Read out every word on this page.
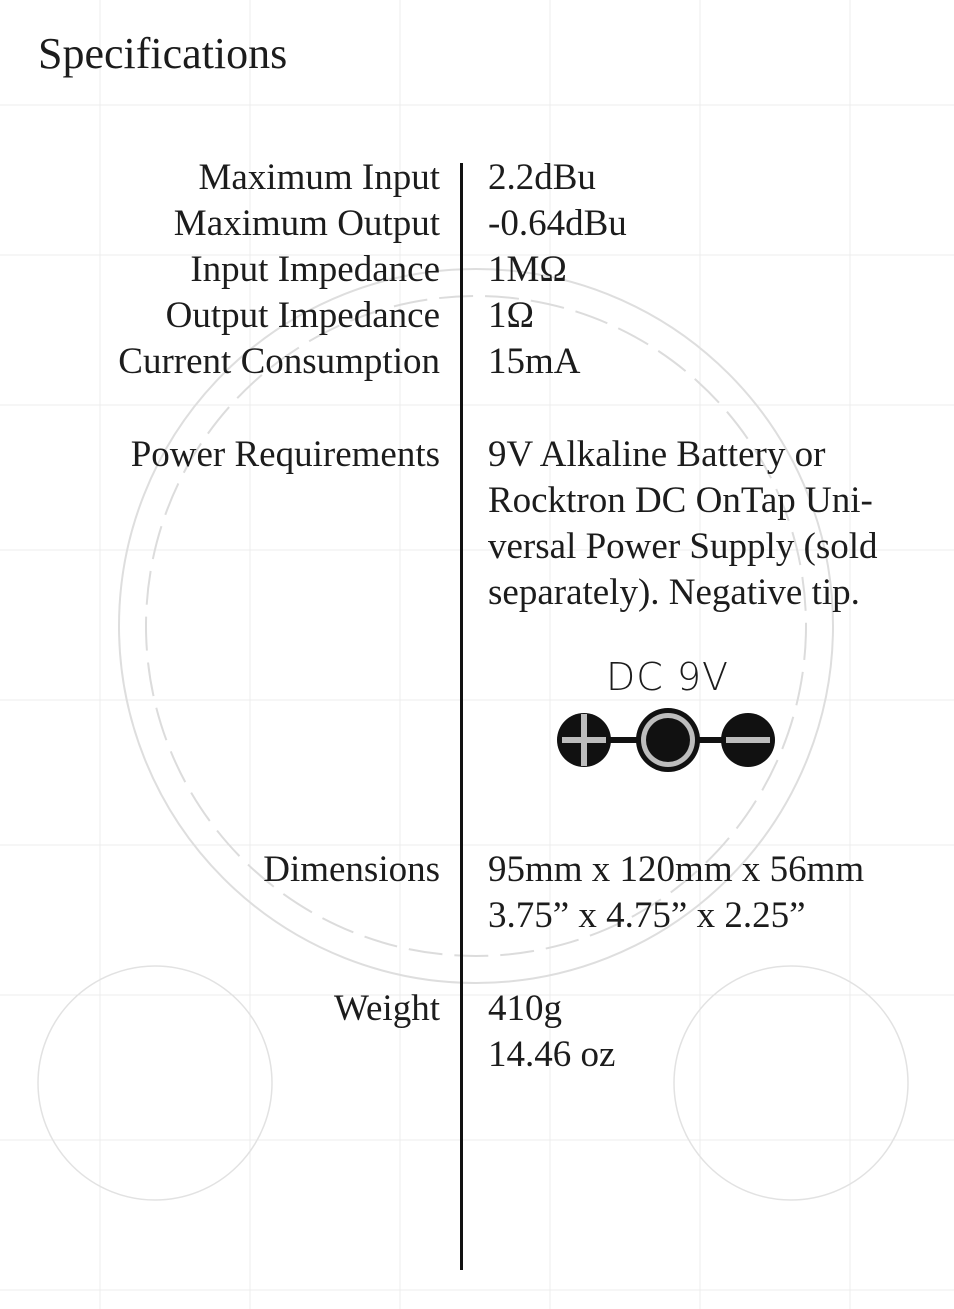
Specifications
Maximum Input 2.2dBu
Maximum Output -0.64dBu
Input Impedance 1MΩ
Output Impedance 1Ω
Current Consumption 15mA
Power Requirements 9V Alkaline Battery or
Rocktron DC OnTap Uni-
versal Power Supply (sold
separately). Negative tip.
DC 9V
Dimensions 95mm x 120mm x 56mm
3.75” x 4.75” x 2.25”
Weight 410g
14.46 oz
